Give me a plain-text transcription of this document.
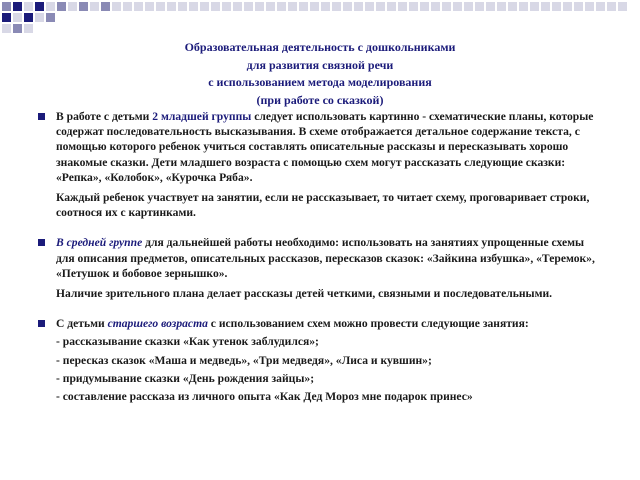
Образовательная деятельность с дошкольниками
для развития связной речи
с использованием метода моделирования
(при работе со сказкой)
В работе с детьми 2 младшей группы следует использовать картинно - схематические планы, которые содержат последовательность высказывания. В схеме отображается детальное содержание текста, с помощью которого ребенок учиться составлять описательные рассказы и пересказывать хорошо знакомые сказки. Дети младшего возраста с помощью схем могут рассказать следующие сказки: «Репка», «Колобок», «Курочка Ряба».
Каждый ребенок участвует на занятии, если не рассказывает, то читает схему, проговаривает строки, соотнося их с картинками.
В средней группе для дальнейшей работы необходимо: использовать на занятиях упрощенные схемы для описания предметов, описательных рассказов, пересказов сказок: «Зайкина избушка», «Теремок», «Петушок и бобовое зернышко».
Наличие зрительного плана делает рассказы детей четкими, связными и последовательными.
С детьми старшего возраста с использованием схем можно провести следующие занятия:
- рассказывание сказки «Как утенок заблудился»;
- пересказ сказок «Маша и медведь», «Три медведя», «Лиса и кувшин»;
- придумывание сказки «День рождения зайцы»;
- составление рассказа из личного опыта «Как Дед Мороз мне подарок принес»
